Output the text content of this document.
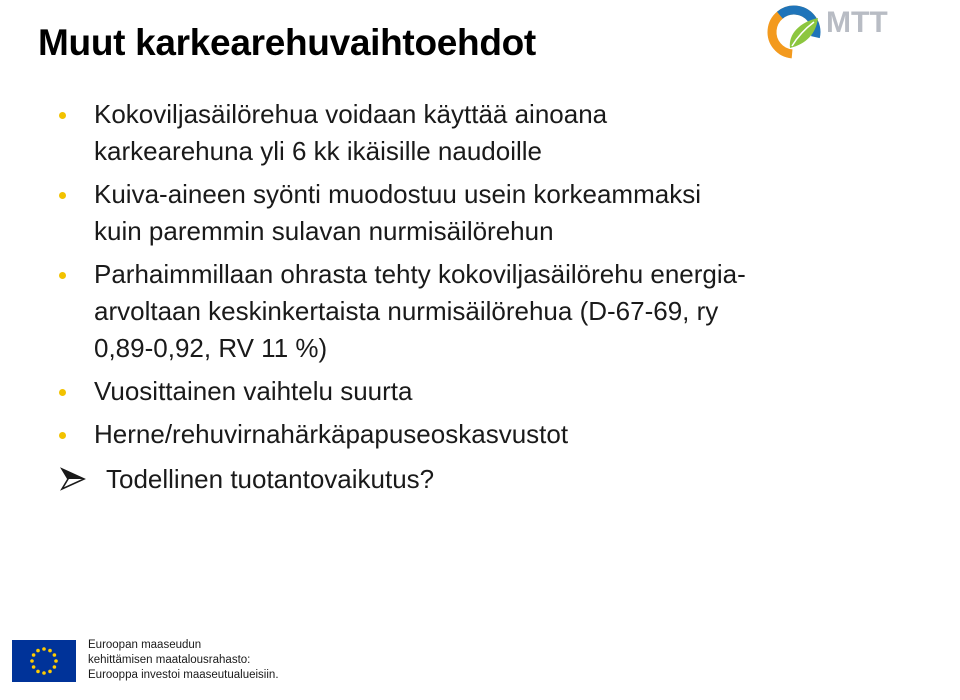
Muut karkearehuvaihtoehdot	MTT
Kokoviljasäilörehua voidaan käyttää ainoana
karkearehuna yli 6 kk ikäisille naudoille
Kuiva-aineen syönti muodostuu usein korkeammaksi
kuin paremmin sulavan nurmisäilörehun
Parhaimmillaan ohrasta tehty kokoviljasäilörehu energia-
arvoltaan keskinkertaista nurmisäilörehua (D-67-69, ry
0,89-0,92, RV 11 %)
Vuosittainen vaihtelu suurta
Herne/rehuvirnahärkäpapuseoskasvustot
Todellinen tuotantovaikutus?
Euroopan maaseudun
kehittämisen maatalousrahasto:
Eurooppa investoi maaseutualueisiin.
